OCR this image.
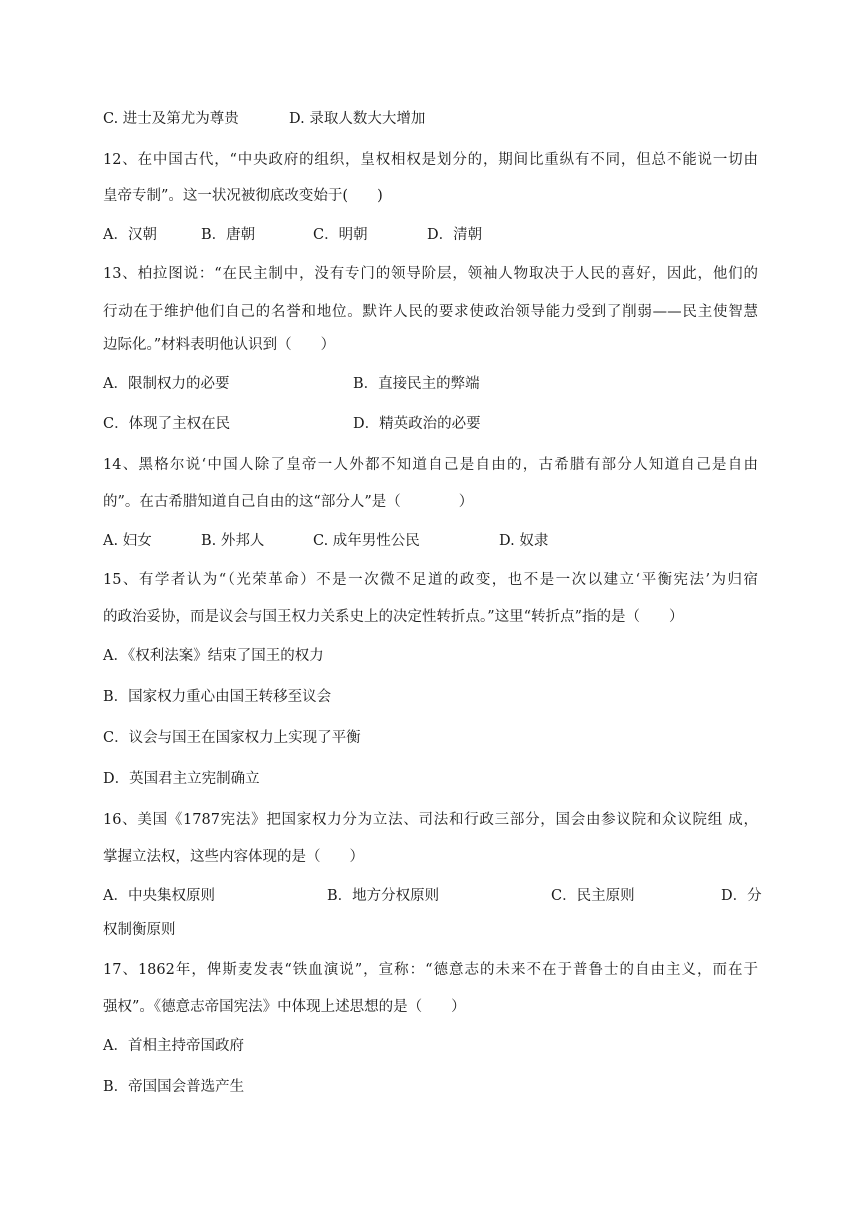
C. 进士及第尤为尊贵	D. 录取人数大大增加
12、在中国古代，“中央政府的组织，皇权相权是划分的，期间比重纵有不同，但总不能说一切由
皇帝专制”。这一状况被彻底改变始于(　　)
A．汉朝	B．唐朝	C．明朝	D．清朝
13、柏拉图说：“在民主制中，没有专门的领导阶层，领袖人物取决于人民的喜好，因此，他们的
行动在于维护他们自己的名誉和地位。默许人民的要求使政治领导能力受到了削弱——民主使智慧
边际化。”材料表明他认识到（　　）
A．限制权力的必要	B．直接民主的弊端
C．体现了主权在民	D．精英政治的必要
14、黑格尔说‘中国人除了皇帝一人外都不知道自己是自由的，古希腊有部分人知道自己是自由
的”。在古希腊知道自己自由的这“部分人”是（　　　　）
A. 妇女	B. 外邦人	C. 成年男性公民	D. 奴隶
15、有学者认为“（光荣革命）不是一次微不足道的政变，也不是一次以建立‘平衡宪法’为归宿
的政治妥协，而是议会与国王权力关系史上的决定性转折点。”这里“转折点”指的是（　　）
A．《权利法案》结束了国王的权力
B．国家权力重心由国王转移至议会
C．议会与国王在国家权力上实现了平衡
D．英国君主立宪制确立
16、美国《1787宪法》把国家权力分为立法、司法和行政三部分，国会由参议院和众议院组 成，
掌握立法权，这些内容体现的是（　　）
A．中央集权原则	B．地方分权原则	C．民主原则	D．分
权制衡原则
17、1862年，俾斯麦发表“铁血演说”，宣称：“德意志的未来不在于普鲁士的自由主义，而在于
强权”。《德意志帝国宪法》中体现上述思想的是（　　）
A．首相主持帝国政府
B．帝国国会普选产生
